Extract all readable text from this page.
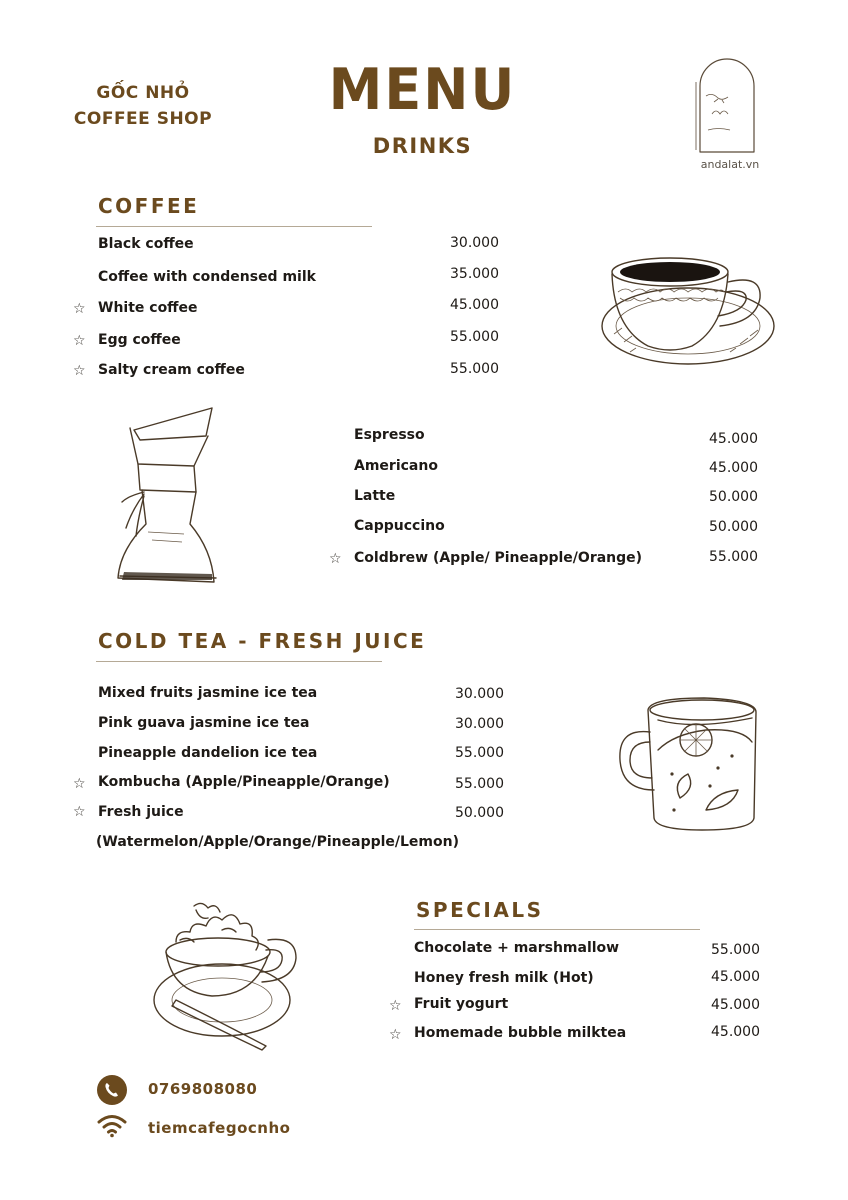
GỐC NHỎ
COFFEE SHOP MENU
DRINKS
andalat.vn
COFFEE
Black coffee	30.000
Coffee with condensed milk	35.000
☆ White coffee	45.000
☆ Egg coffee	55.000
☆ Salty cream coffee	55.000
Espresso	45.000
Americano	45.000
Latte	50.000
Cappuccino	50.000
☆ Coldbrew (Apple/ Pineapple/Orange)	55.000
COLD TEA - FRESH JUICE
Mixed fruits jasmine ice tea	30.000
Pink guava jasmine ice tea	30.000
Pineapple dandelion ice tea	55.000
☆ Kombucha (Apple/Pineapple/Orange)	55.000
☆ Fresh juice	50.000
(Watermelon/Apple/Orange/Pineapple/Lemon)
SPECIALS
Chocolate + marshmallow	55.000
Honey fresh milk (Hot)	45.000
☆ Fruit yogurt	45.000
☆ Homemade bubble milktea	45.000
0769808080
tiemcafegocnho
